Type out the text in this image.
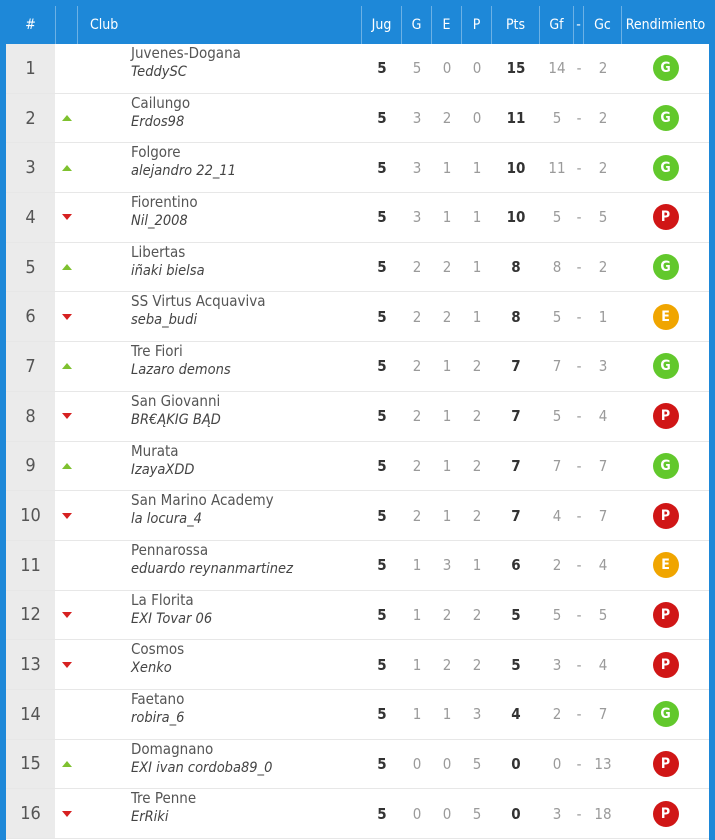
#	Club	Jug	G	E	P	Pts	Gf - Gc	Rendimiento
1
Juvenes-Dogana
TeddySC	5	5	0	0	15	14 -	2	G
2
Cailungo
Erdos98	5	3	2	0	11	5	-	2	G
3
Folgore
alejandro 22_11	5	3	1	1	10	11 -	2	G
4
Fiorentino
Nil_2008	5	3	1	1	10	5	-	5	P
5
Libertas
iñaki bielsa	5	2	2	1	8	8	-	2	G
6
SS Virtus Acquaviva
seba_budi	5	2	2	1	8	5	-	1	E
7
Tre Fiori
Lazaro demons	5	2	1	2	7	7	-	3	G
8
San Giovanni
BR€ĄKIG BĄD	5	2	1	2	7	5	-	4	P
9
Murata
IzayaXDD	5	2	1	2	7	7	-	7	G
10
San Marino Academy
la locura_4	5	2	1	2	7	4	-	7	P
11
Pennarossa
eduardo reynanmartinez	5	1	3	1	6	2	-	4	E
12
La Florita
EXI Tovar 06	5	1	2	2	5	5	-	5	P
13
Cosmos
Xenko	5	1	2	2	5	3	-	4	P
14
Faetano
robira_6	5	1	1	3	4	2	-	7	G
15
Domagnano
EXI ivan cordoba89_0	5	0	0	5	0	0	- 13	P
16
Tre Penne
ErRiki	5	0	0	5	0	3	- 18	P
